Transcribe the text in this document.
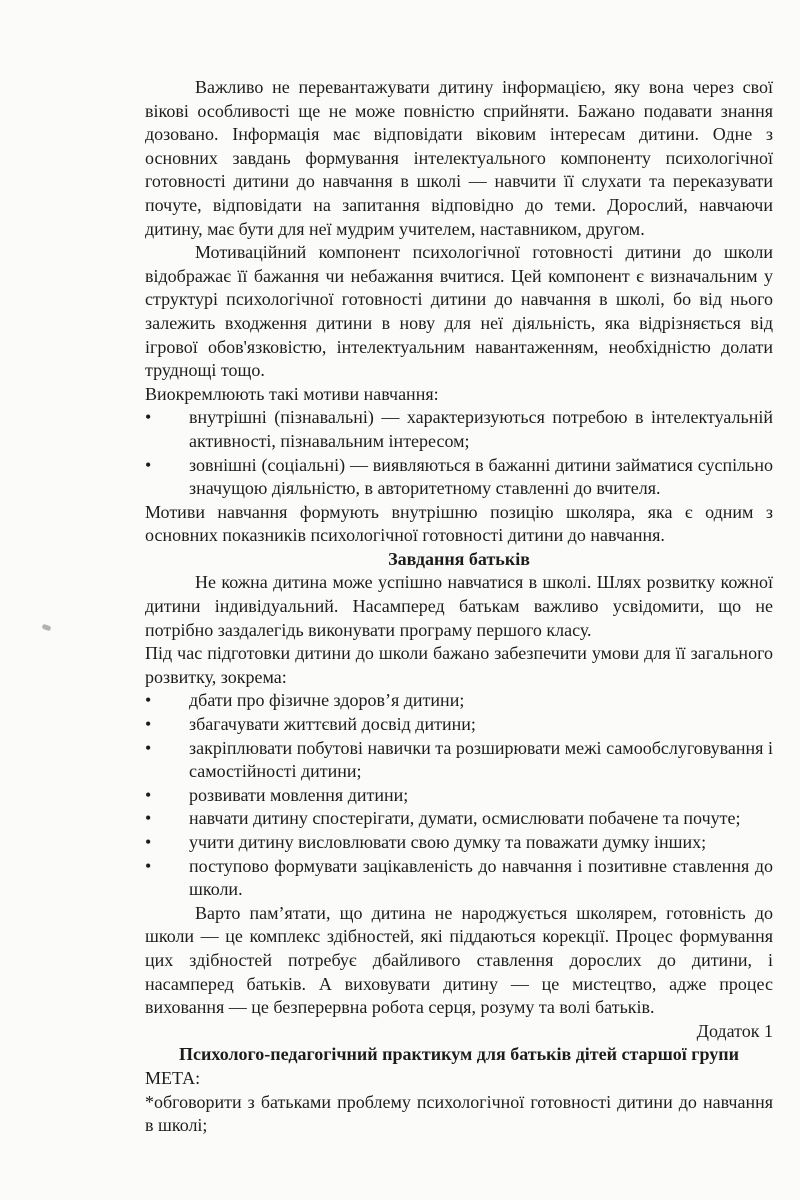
Важливо не перевантажувати дитину інформацією, яку вона через свої вікові особливості ще не може повністю сприйняти. Бажано подавати знання дозовано. Інформація має відповідати віковим інтересам дитини. Одне з основних завдань формування інтелектуального компоненту психологічної готовності дитини до навчання в школі — навчити її слухати та переказувати почуте, відповідати на запитання відповідно до теми. Дорослий, навчаючи дитину, має бути для неї мудрим учителем, наставником, другом.

Мотиваційний компонент психологічної готовності дитини до школи відображає її бажання чи небажання вчитися. Цей компонент є визначальним у структурі психологічної готовності дитини до навчання в школі, бо від нього залежить входження дитини в нову для неї діяльність, яка відрізняється від ігрової обов'язковістю, інтелектуальним навантаженням, необхідністю долати труднощі тощо.

Виокремлюють такі мотиви навчання:

•	внутрішні (пізнавальні) — характеризуються потребою в інтелектуальній активності, пізнавальним інтересом;
•	зовнішні (соціальні) — виявляються в бажанні дитини займатися суспільно значущою діяльністю, в авторитетному ставленні до вчителя.

Мотиви навчання формують внутрішню позицію школяра, яка є одним з основних показників психологічної готовності дитини до навчання.

Завдання батьків

Не кожна дитина може успішно навчатися в школі. Шлях розвитку кожної дитини індивідуальний. Насамперед батькам важливо усвідомити, що не потрібно заздалегідь виконувати програму першого класу.

Під час підготовки дитини до школи бажано забезпечити умови для її загального розвитку, зокрема:

•	дбати про фізичне здоров’я дитини;
•	збагачувати життєвий досвід дитини;
•	закріплювати побутові навички та розширювати межі самообслуговування і самостійності дитини;
•	розвивати мовлення дитини;
•	навчати дитину спостерігати, думати, осмислювати побачене та почуте;
•	учити дитину висловлювати свою думку та поважати думку інших;
•	поступово формувати зацікавленість до навчання і позитивне ставлення до школи.

Варто пам’ятати, що дитина не народжується школярем, готовність до школи — це комплекс здібностей, які піддаються корекції. Процес формування цих здібностей потребує дбайливого ставлення дорослих до дитини, і насамперед батьків. А виховувати дитину — це мистецтво, адже процес виховання — це безперервна робота серця, розуму та волі батьків.

Додаток 1

Психолого-педагогічний практикум для батьків дітей старшої групи

МЕТА:

*обговорити з батьками проблему психологічної готовності дитини до навчання в школі;
